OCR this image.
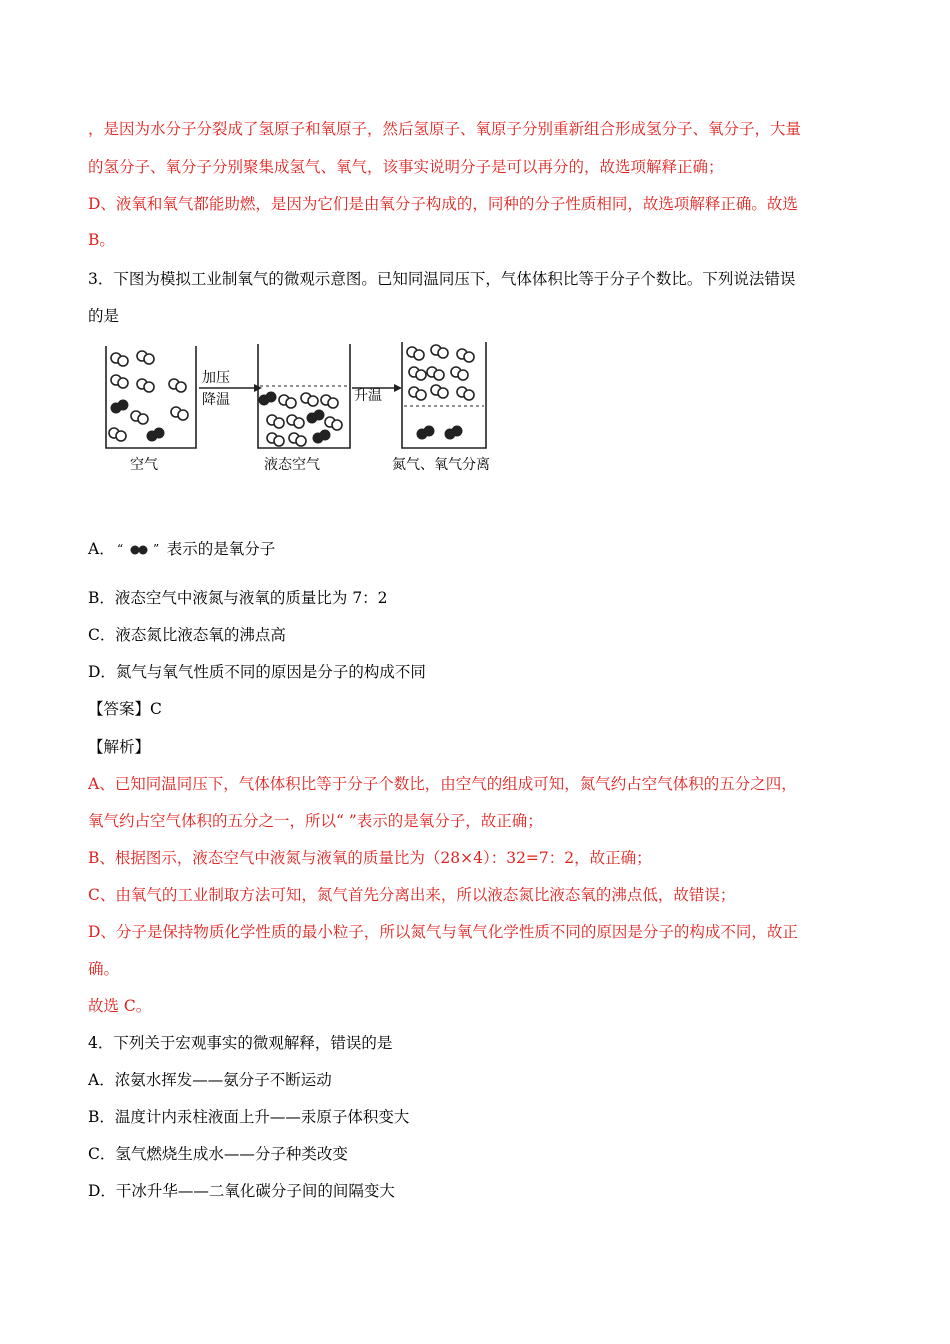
，是因为水分子分裂成了氢原子和氧原子，然后氢原子、氧原子分别重新组合形成氢分子、氧分子，大量
的氢分子、氧分子分别聚集成氢气、氧气，该事实说明分子是可以再分的，故选项解释正确；
D、液氧和氧气都能助燃，是因为它们是由氧分子构成的，同种的分子性质相同，故选项解释正确。故选
B。
3．下图为模拟工业制氧气的微观示意图。已知同温同压下，气体体积比等于分子个数比。下列说法错误
的是
空气
加压
降温
液态空气
升温
氮气、氧气分离
A． “ ” 表示的是氧分子
B．液态空气中液氮与液氧的质量比为 7：2
C．液态氮比液态氧的沸点高
D．氮气与氧气性质不同的原因是分子的构成不同
【答案】C
【解析】
A、已知同温同压下，气体体积比等于分子个数比，由空气的组成可知，氮气约占空气体积的五分之四，
氧气约占空气体积的五分之一，所以“ ”表示的是氧分子，故正确；
B、根据图示，液态空气中液氮与液氧的质量比为（28×4）：32=7：2，故正确；
C、由氧气的工业制取方法可知，氮气首先分离出来，所以液态氮比液态氧的沸点低，故错误；
D、分子是保持物质化学性质的最小粒子，所以氮气与氧气化学性质不同的原因是分子的构成不同，故正
确。
故选 C。
4．下列关于宏观事实的微观解释，错误的是
A．浓氨水挥发——氨分子不断运动
B．温度计内汞柱液面上升——汞原子体积变大
C．氢气燃烧生成水——分子种类改变
D．干冰升华——二氧化碳分子间的间隔变大
